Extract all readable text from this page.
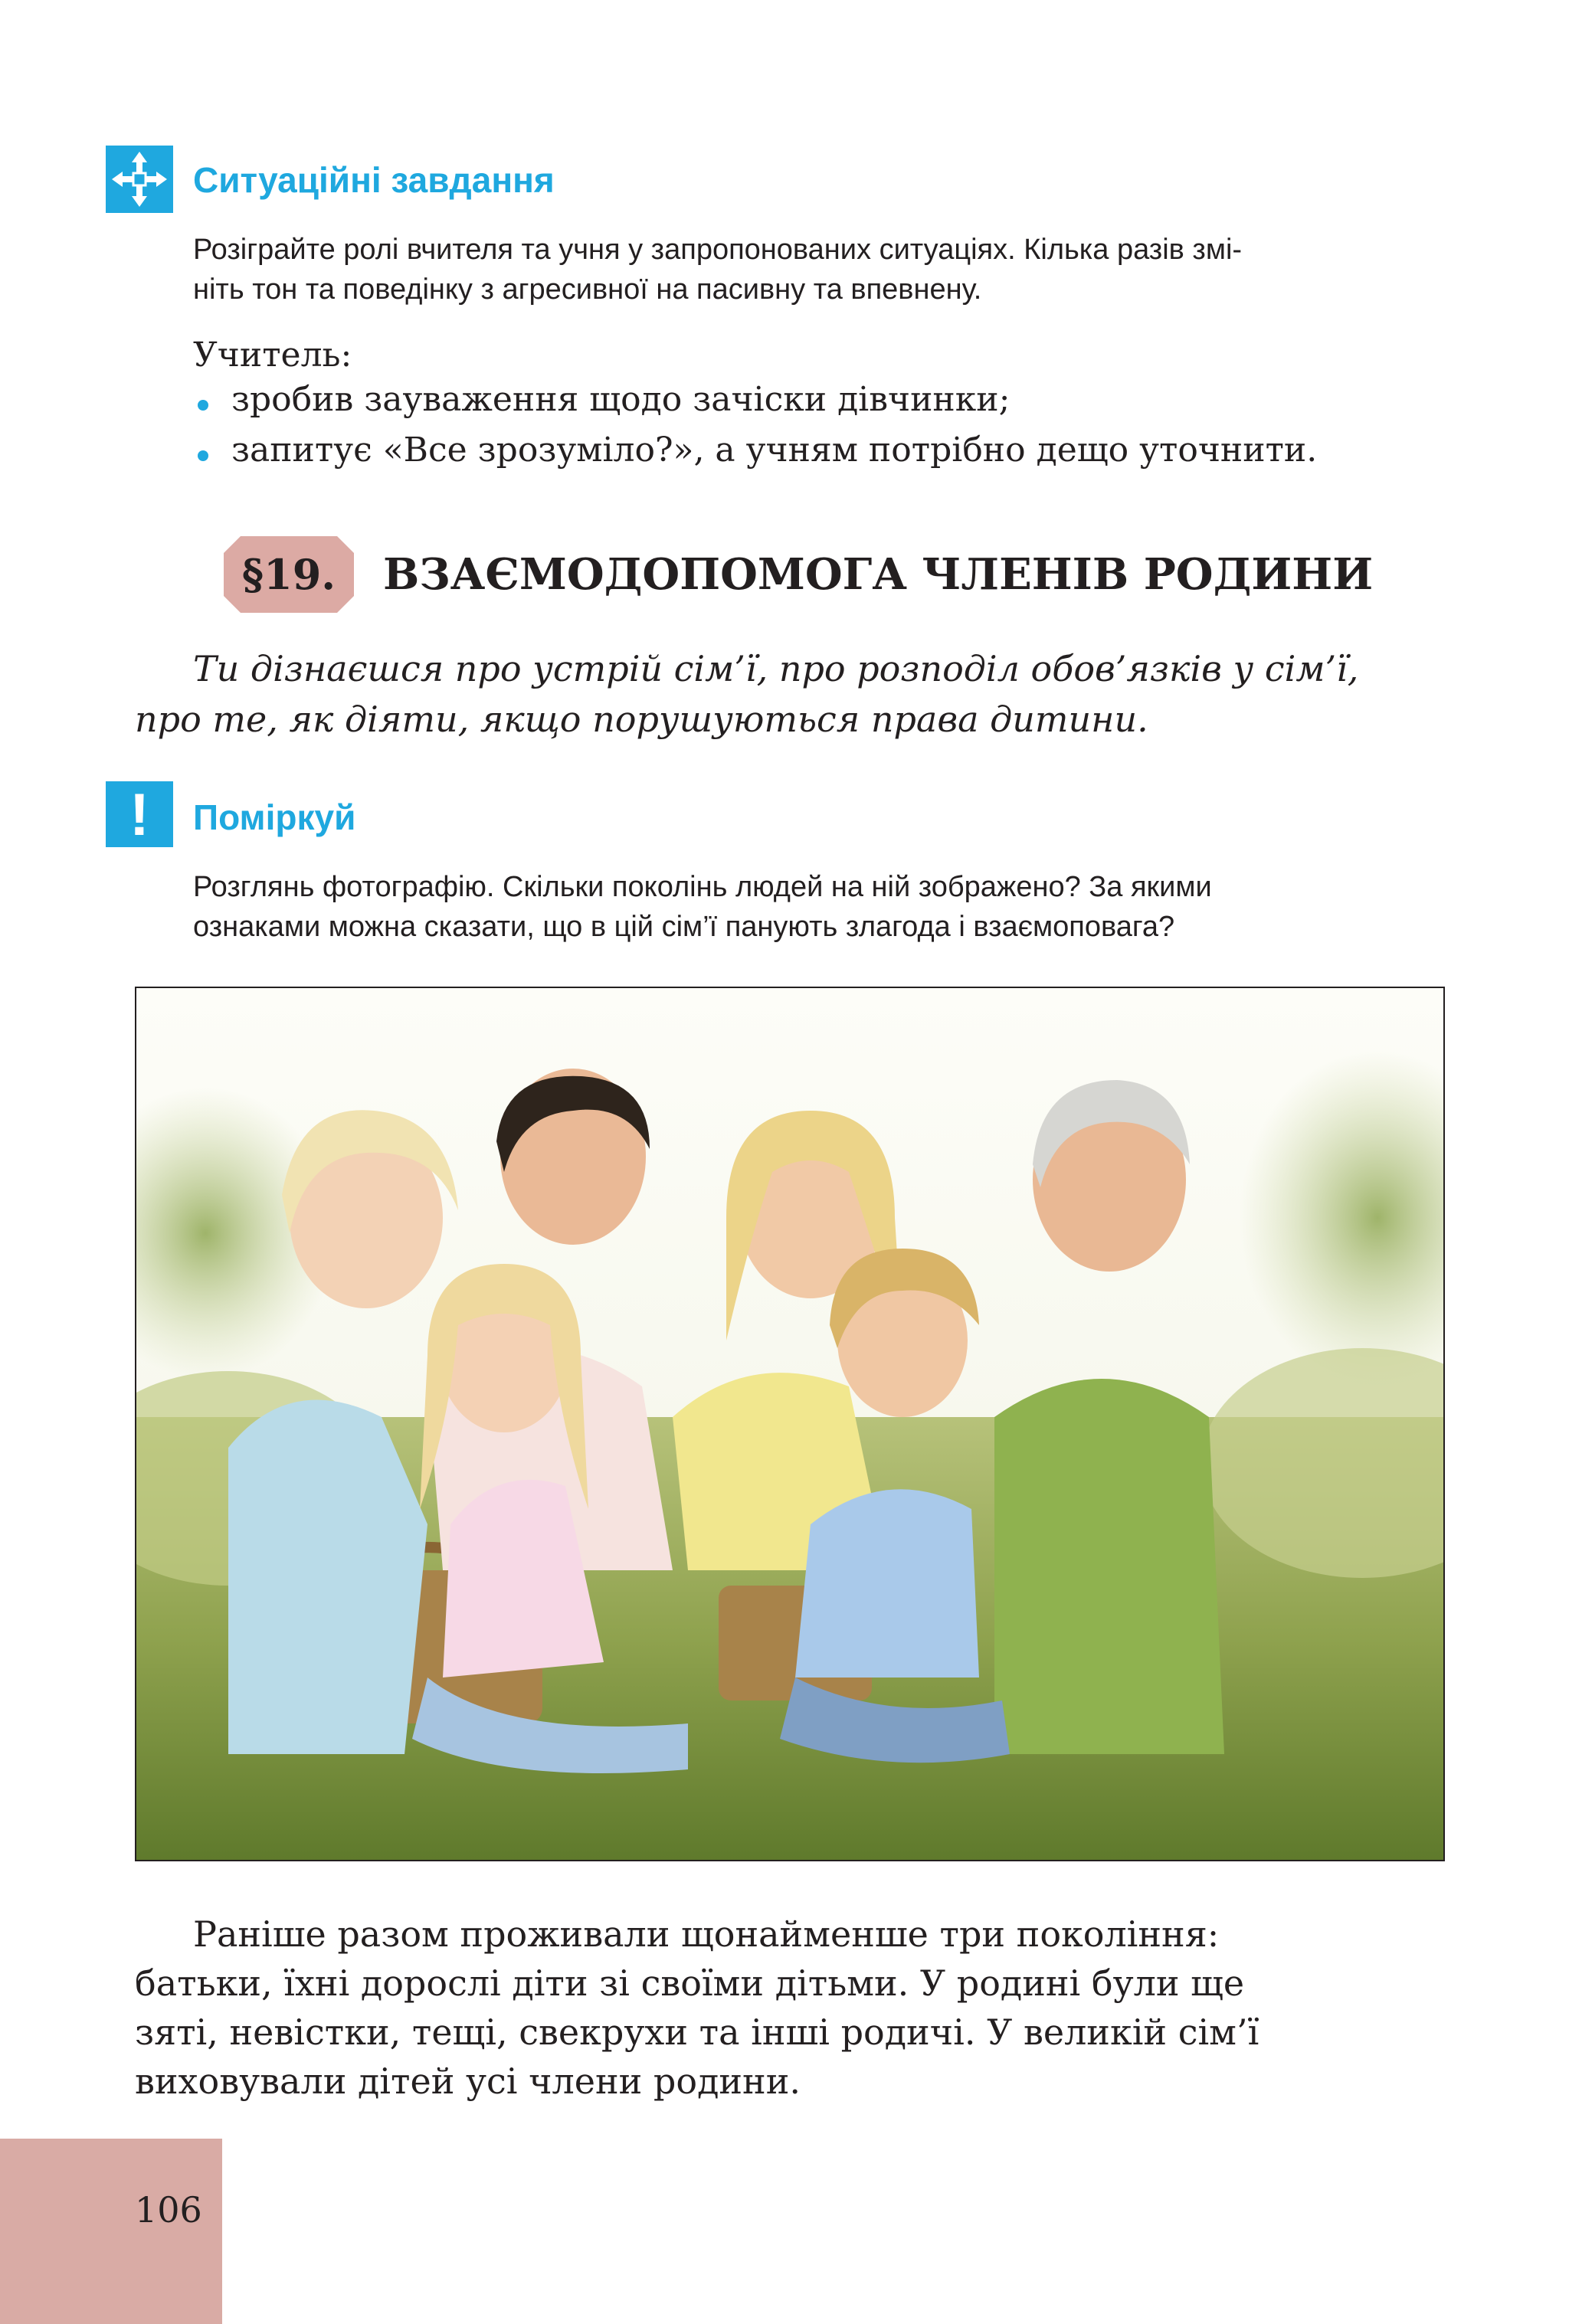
Ситуаційні завдання
Розіграйте ролі вчителя та учня у запропонованих ситуаціях. Кілька разів змі-
ніть тон та поведінку з агресивної на пасивну та впевнену.
Учитель:
зробив зауваження щодо зачіски дівчинки;
запитує «Все зрозуміло?», а учням потрібно дещо уточнити.
§19. ВЗАЄМОДОПОМОГА ЧЛЕНІВ РОДИНИ
Ти дізнаєшся про устрій сім’ї, про розподіл обов’язків у сім’ї,
про те, як діяти, якщо порушуються права дитини.
! Поміркуй
Розглянь фотографію. Скільки поколінь людей на ній зображено? За якими
ознаками можна сказати, що в цій сім’ї панують злагода і взаємоповага?
Раніше разом проживали щонайменше три покоління:
батьки, їхні дорослі діти зі своїми дітьми. У родині були ще
зяті, невістки, тещі, свекрухи та інші родичі. У великій сім’ї
виховували дітей усі члени родини.
106
